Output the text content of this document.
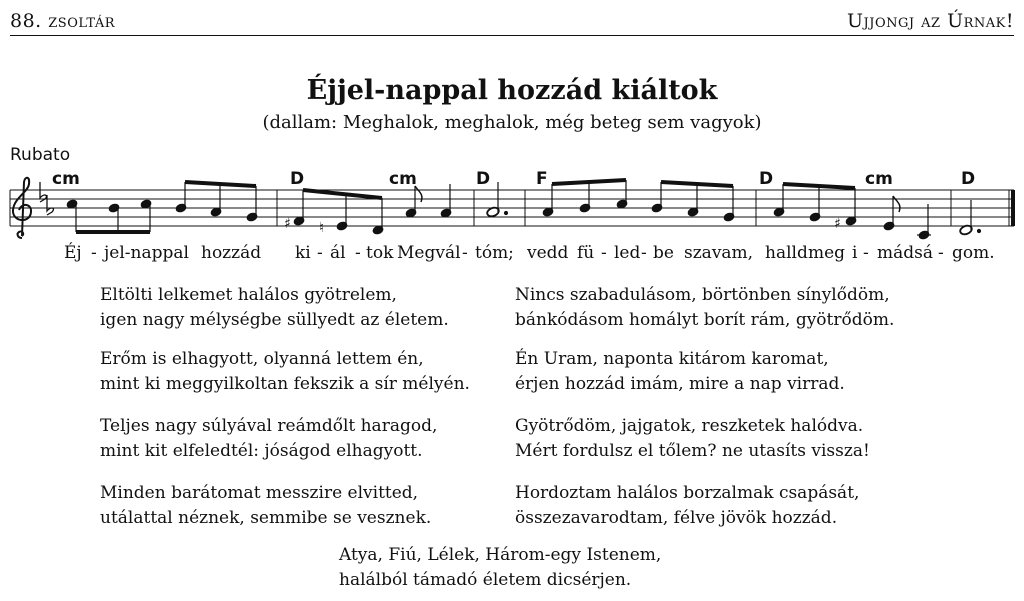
88. zsoltár	Ujjongj az Úrnak!
Éjjel-nappal hozzád kiáltok
(dallam: Meghalok, meghalok, még beteg sem vagyok)
Rubato
cm	D	cm	D	F	D	cm	D
♯ ♮	♯
Éj - jel-nappal hozzád ki - ál - tok Megvál - tóm; vedd fü - led - be szavam, halld meg i - mádsá - gom.
Eltölti lelkemet halálos gyötrelem,
igen nagy mélységbe süllyedt az életem.
Nincs szabadulásom, börtönben sínylődöm,
bánkódásom homályt borít rám, gyötrődöm.
Erőm is elhagyott, olyanná lettem én,
mint ki meggyilkoltan fekszik a sír mélyén.
Én Uram, naponta kitárom karomat,
érjen hozzád imám, mire a nap virrad.
Teljes nagy súlyával reámdőlt haragod,
mint kit elfeledtél: jóságod elhagyott.
Gyötrődöm, jajgatok, reszketek halódva.
Mért fordulsz el tőlem? ne utasíts vissza!
Minden barátomat messzire elvitted,
utálattal néznek, semmibe se vesznek.
Hordoztam halálos borzalmak csapását,
összezavarodtam, félve jövök hozzád.
Atya, Fiú, Lélek, Három-egy Istenem,
halálból támadó életem dicsérjen.
